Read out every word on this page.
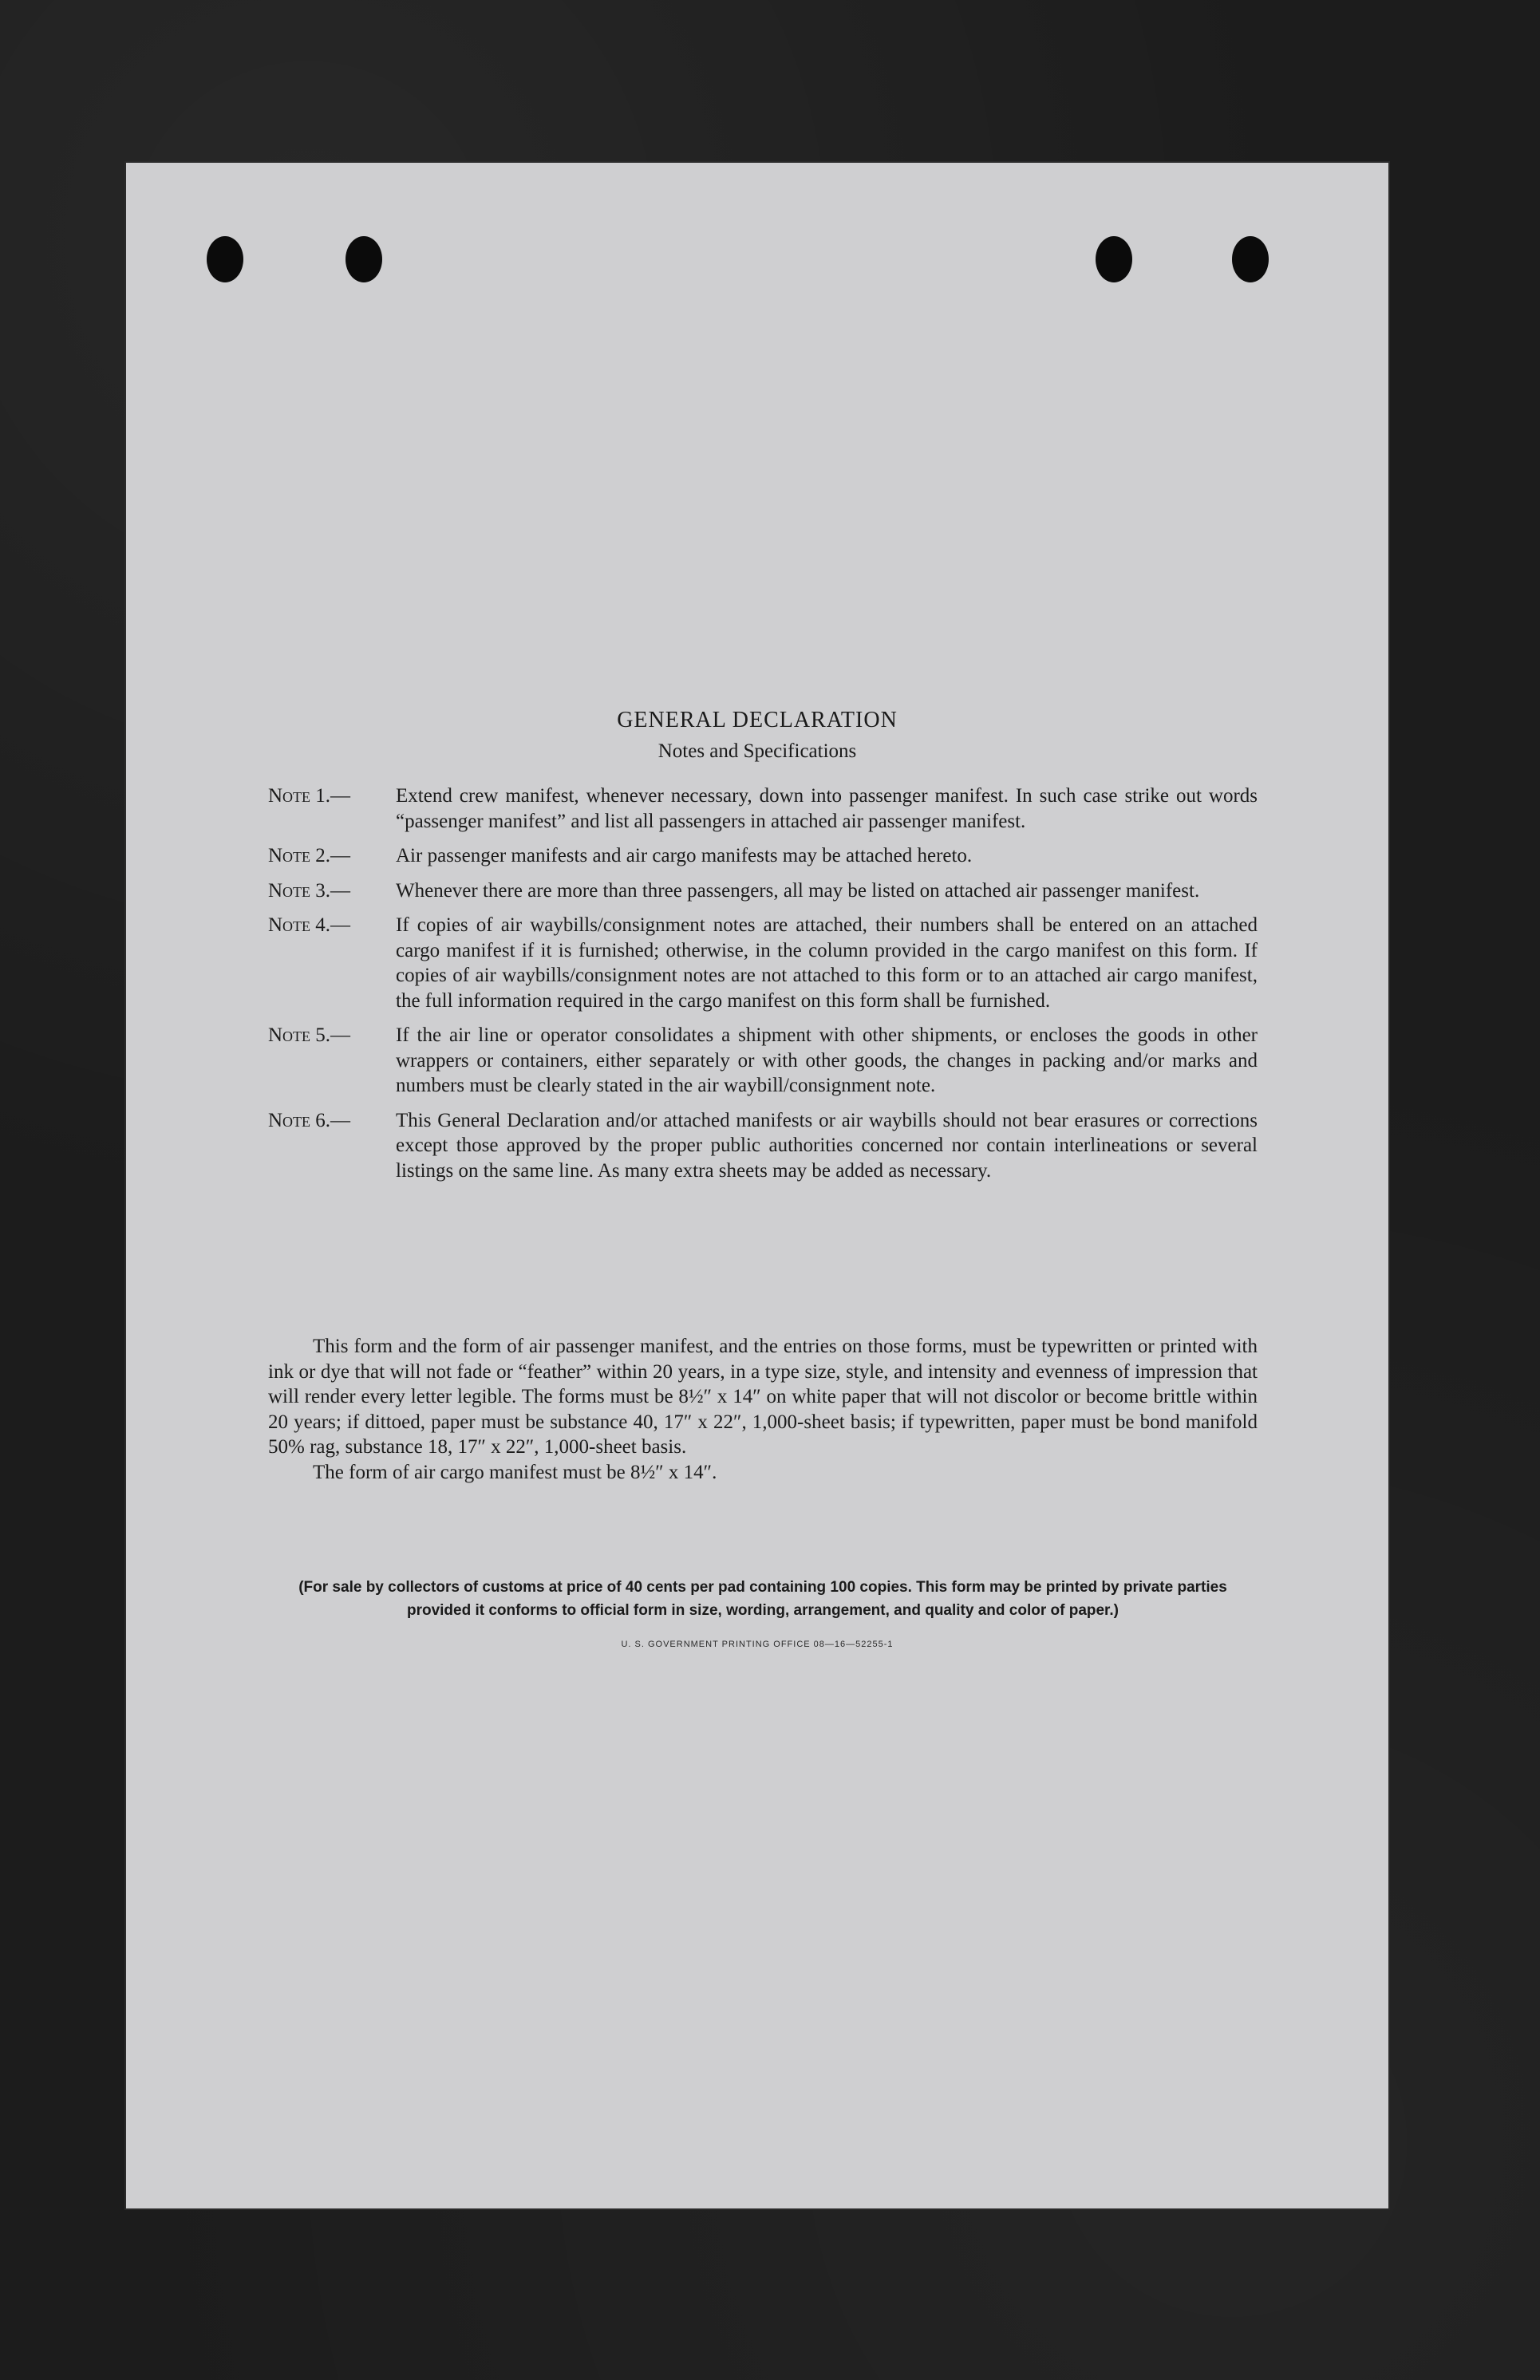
GENERAL DECLARATION
Notes and Specifications
Note 1.—	Extend crew manifest, whenever necessary, down into passenger manifest. In such case strike out words “passenger manifest” and list all passengers in attached air passenger manifest.
Note 2.—	Air passenger manifests and air cargo manifests may be attached hereto.
Note 3.—	Whenever there are more than three passengers, all may be listed on attached air passenger manifest.
Note 4.—	If copies of air waybills/consignment notes are attached, their numbers shall be entered on an attached cargo manifest if it is furnished; otherwise, in the column provided in the cargo manifest on this form. If copies of air waybills/consignment notes are not attached to this form or to an attached air cargo manifest, the full information required in the cargo manifest on this form shall be furnished.
Note 5.—	If the air line or operator consolidates a shipment with other shipments, or encloses the goods in other wrappers or containers, either separately or with other goods, the changes in packing and/or marks and numbers must be clearly stated in the air waybill/consignment note.
Note 6.—	This General Declaration and/or attached manifests or air waybills should not bear erasures or corrections except those approved by the proper public authorities concerned nor contain interlineations or several listings on the same line. As many extra sheets may be added as necessary.

This form and the form of air passenger manifest, and the entries on those forms, must be typewritten or printed with ink or dye that will not fade or “feather” within 20 years, in a type size, style, and intensity and evenness of impression that will render every letter legible. The forms must be 8½″ x 14″ on white paper that will not discolor or become brittle within 20 years; if dittoed, paper must be substance 40, 17″ x 22″, 1,000-sheet basis; if typewritten, paper must be bond manifold 50% rag, substance 18, 17″ x 22″, 1,000-sheet basis.

The form of air cargo manifest must be 8½″ x 14″.

(For sale by collectors of customs at price of 40 cents per pad containing 100 copies. This form may be printed by private parties provided it conforms to official form in size, wording, arrangement, and quality and color of paper.)
U. S. GOVERNMENT PRINTING OFFICE 08—16—52255-1
